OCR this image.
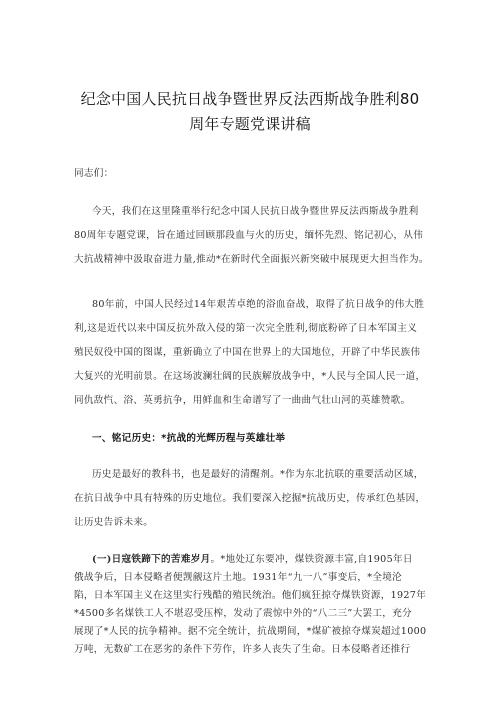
纪念中国人民抗日战争暨世界反法西斯战争胜利80
周年专题党课讲稿
同志们：
今天，我们在这里隆重举行纪念中国人民抗日战争暨世界反法西斯战争胜利
80周年专题党课，旨在通过回顾那段血与火的历史，缅怀先烈、铭记初心，从伟
大抗战精神中汲取奋进力量,推动*在新时代全面振兴新突破中展现更大担当作为。
80年前，中国人民经过14年艰苦卓绝的浴血奋战，取得了抗日战争的伟大胜
利,这是近代以来中国反抗外敌入侵的第一次完全胜利,彻底粉碎了日本军国主义
殖民奴役中国的图谋，重新确立了中国在世界上的大国地位，开辟了中华民族伟
大复兴的光明前景。在这场波澜壮阔的民族解放战争中，*人民与全国人民一道，
同仇敌忾、浴、英勇抗争，用鲜血和生命谱写了一曲曲气壮山河的英雄赞歌。
一、铭记历史：*抗战的光辉历程与英雄壮举
历史是最好的教科书，也是最好的清醒剂。*作为东北抗联的重要活动区域，
在抗日战争中具有特殊的历史地位。我们要深入挖掘*抗战历史，传承红色基因，
让历史告诉未来。
(一)日寇铁蹄下的苦难岁月。*地处辽东要冲，煤铁资源丰富,自1905年日
俄战争后，日本侵略者便觊觎这片土地。1931年“九一八”事变后，*全境沦
陷，日本军国主义在这里实行残酷的殖民统治。他们疯狂掠夺煤铁资源，1927年
*4500多名煤铁工人不堪忍受压榨，发动了震惊中外的“八二三”大罢工，充分
展现了*人民的抗争精神。据不完全统计，抗战期间，*煤矿被掠夺煤炭超过1000
万吨，无数矿工在恶劣的条件下劳作，许多人丧失了生命。日本侵略者还推行
